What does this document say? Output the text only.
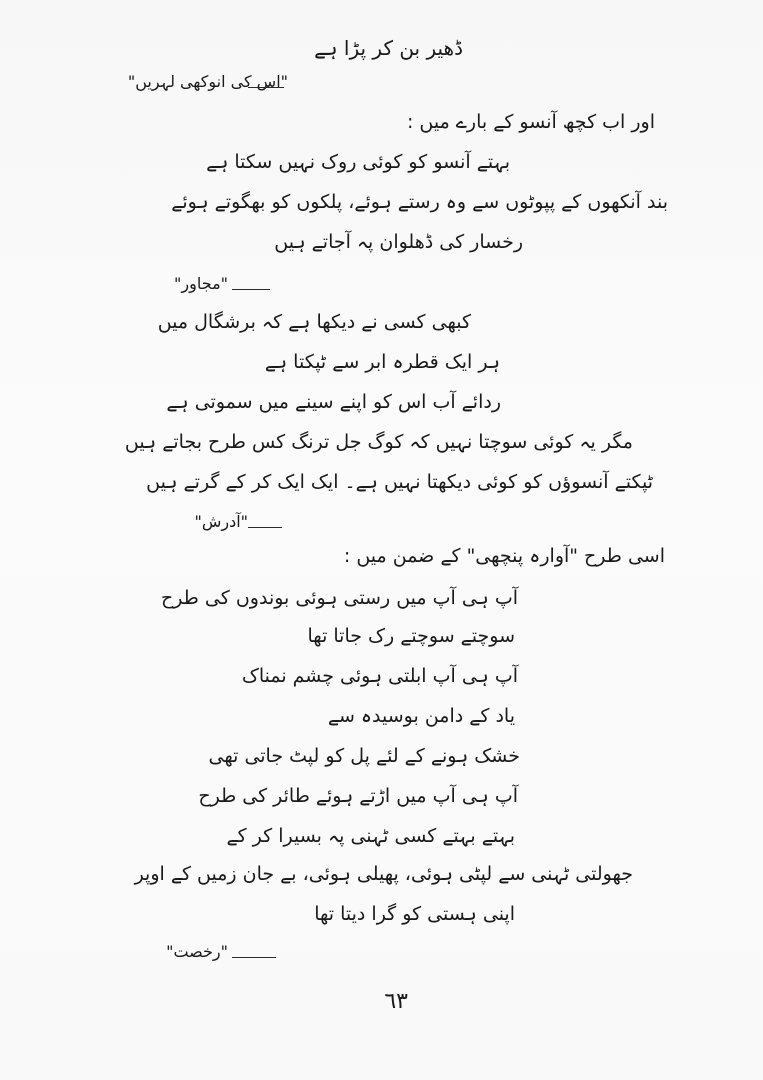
ڈھیر بن کر پڑا ہے
"اس کی انوکھی لہریں"
اور اب کچھ آنسو کے بارے میں :
بہتے آنسو کو کوئی روک نہیں سکتا ہے
بند آنکھوں کے پپوٹوں سے وہ رستے ہوئے، پلکوں کو بھگوتے ہوئے
رخسار کی ڈھلوان پہ آجاتے ہیں
"مجاور"
کبھی کسی نے دیکھا ہے کہ برشگال میں
ہر ایک قطرہ ابر سے ٹپکتا ہے
ردائے آب اس کو اپنے سینے میں سموتی ہے
مگر یہ کوئی سوچتا نہیں کہ کوگ جل ترنگ کس طرح بجاتے ہیں
ٹپکتے آنسوؤں کو کوئی دیکھتا نہیں ہے۔ ایک ایک کر کے گرتے ہیں
"آدرش"
اسی طرح "آوارہ پنچھی" کے ضمن میں :
آپ ہی آپ میں رستی ہوئی بوندوں کی طرح
سوچتے سوچتے رک جاتا تھا
آپ ہی آپ ابلتی ہوئی چشم نمناک
یاد کے دامن بوسیدہ سے
خشک ہونے کے لئے پل کو لپٹ جاتی تھی
آپ ہی آپ میں اڑتے ہوئے طائر کی طرح
بہتے بہتے کسی ٹہنی پہ بسیرا کر کے
جھولتی ٹہنی سے لپٹی ہوئی، پھیلی ہوئی، بے جان زمیں کے اوپر
اپنی ہستی کو گرا دیتا تھا
"رخصت"
٦٣
